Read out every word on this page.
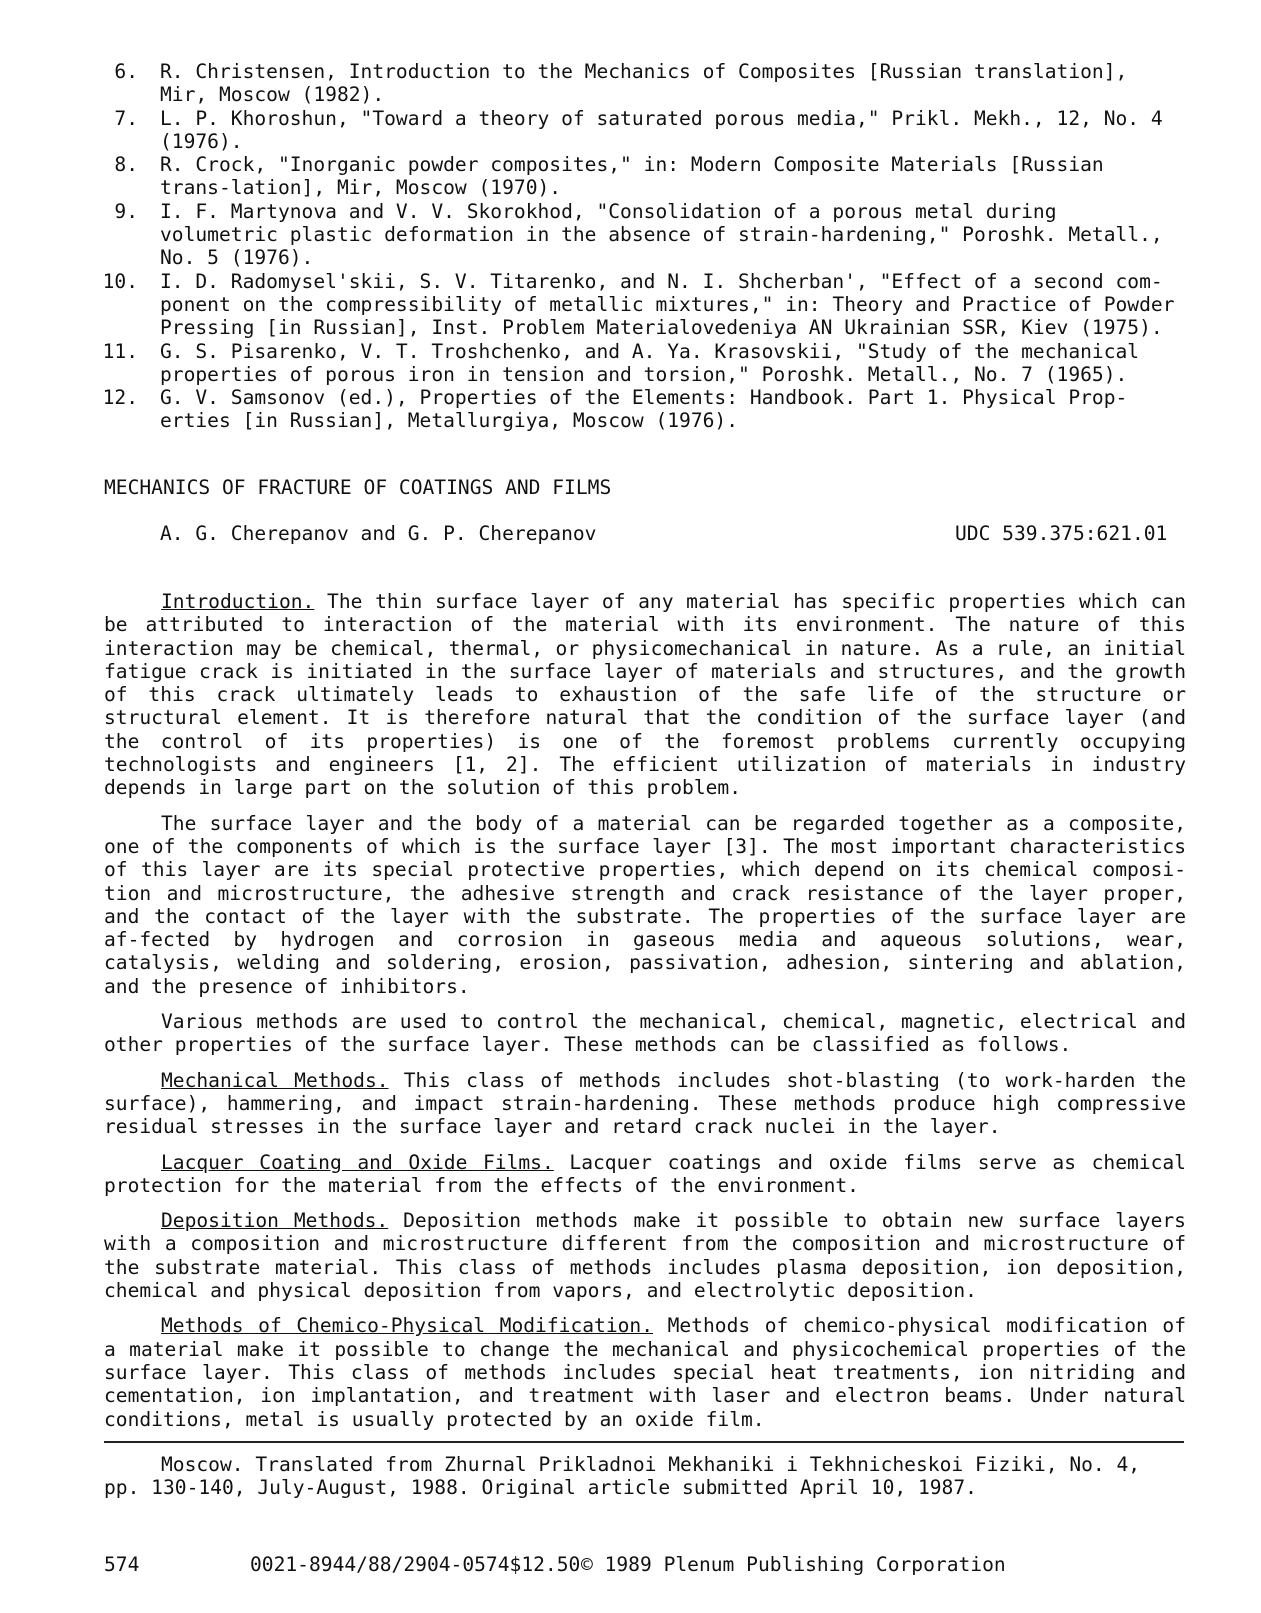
6. R. Christensen, Introduction to the Mechanics of Composites [Russian translation], Mir, Moscow (1982).

7. L. P. Khoroshun, "Toward a theory of saturated porous media," Prikl. Mekh., 12, No. 4 (1976).

8. R. Crock, "Inorganic powder composites," in: Modern Composite Materials [Russian trans-lation], Mir, Moscow (1970).

9. I. F. Martynova and V. V. Skorokhod, "Consolidation of a porous metal during volumetric plastic deformation in the absence of strain-hardening," Poroshk. Metall., No. 5 (1976).

10. I. D. Radomysel'skii, S. V. Titarenko, and N. I. Shcherban', "Effect of a second com-ponent on the compressibility of metallic mixtures," in: Theory and Practice of Powder Pressing [in Russian], Inst. Problem Materialovedeniya AN Ukrainian SSR, Kiev (1975).

11. G. S. Pisarenko, V. T. Troshchenko, and A. Ya. Krasovskii, "Study of the mechanical properties of porous iron in tension and torsion," Poroshk. Metall., No. 7 (1965).

12. G. V. Samsonov (ed.), Properties of the Elements: Handbook. Part 1. Physical Prop-erties [in Russian], Metallurgiya, Moscow (1976).

MECHANICS OF FRACTURE OF COATINGS AND FILMS
A. G. Cherepanov and G. P. Cherepanov	UDC 539.375:621.01

Introduction. The thin surface layer of any material has specific properties which can be attributed to interaction of the material with its environment. The nature of this interaction may be chemical, thermal, or physicomechanical in nature. As a rule, an initial fatigue crack is initiated in the surface layer of materials and structures, and the growth of this crack ultimately leads to exhaustion of the safe life of the structure or structural element. It is therefore natural that the condition of the surface layer (and the control of its properties) is one of the foremost problems currently occupying technologists and engineers [1, 2]. The efficient utilization of materials in industry depends in large part on the solution of this problem.

The surface layer and the body of a material can be regarded together as a composite, one of the components of which is the surface layer [3]. The most important characteristics of this layer are its special protective properties, which depend on its chemical composi-tion and microstructure, the adhesive strength and crack resistance of the layer proper, and the contact of the layer with the substrate. The properties of the surface layer are af-fected by hydrogen and corrosion in gaseous media and aqueous solutions, wear, catalysis, welding and soldering, erosion, passivation, adhesion, sintering and ablation, and the presence of inhibitors.

Various methods are used to control the mechanical, chemical, magnetic, electrical and other properties of the surface layer. These methods can be classified as follows.

Mechanical Methods. This class of methods includes shot-blasting (to work-harden the surface), hammering, and impact strain-hardening. These methods produce high compressive residual stresses in the surface layer and retard crack nuclei in the layer.

Lacquer Coating and Oxide Films. Lacquer coatings and oxide films serve as chemical protection for the material from the effects of the environment.

Deposition Methods. Deposition methods make it possible to obtain new surface layers with a composition and microstructure different from the composition and microstructure of the substrate material. This class of methods includes plasma deposition, ion deposition, chemical and physical deposition from vapors, and electrolytic deposition.

Methods of Chemico-Physical Modification. Methods of chemico-physical modification of a material make it possible to change the mechanical and physicochemical properties of the surface layer. This class of methods includes special heat treatments, ion nitriding and cementation, ion implantation, and treatment with laser and electron beams. Under natural conditions, metal is usually protected by an oxide film.

Moscow. Translated from Zhurnal Prikladnoi Mekhaniki i Tekhnicheskoi Fiziki, No. 4, pp. 130-140, July-August, 1988. Original article submitted April 10, 1987.

574	0021-8944/88/2904-0574$12.50 © 1989 Plenum Publishing Corporation
